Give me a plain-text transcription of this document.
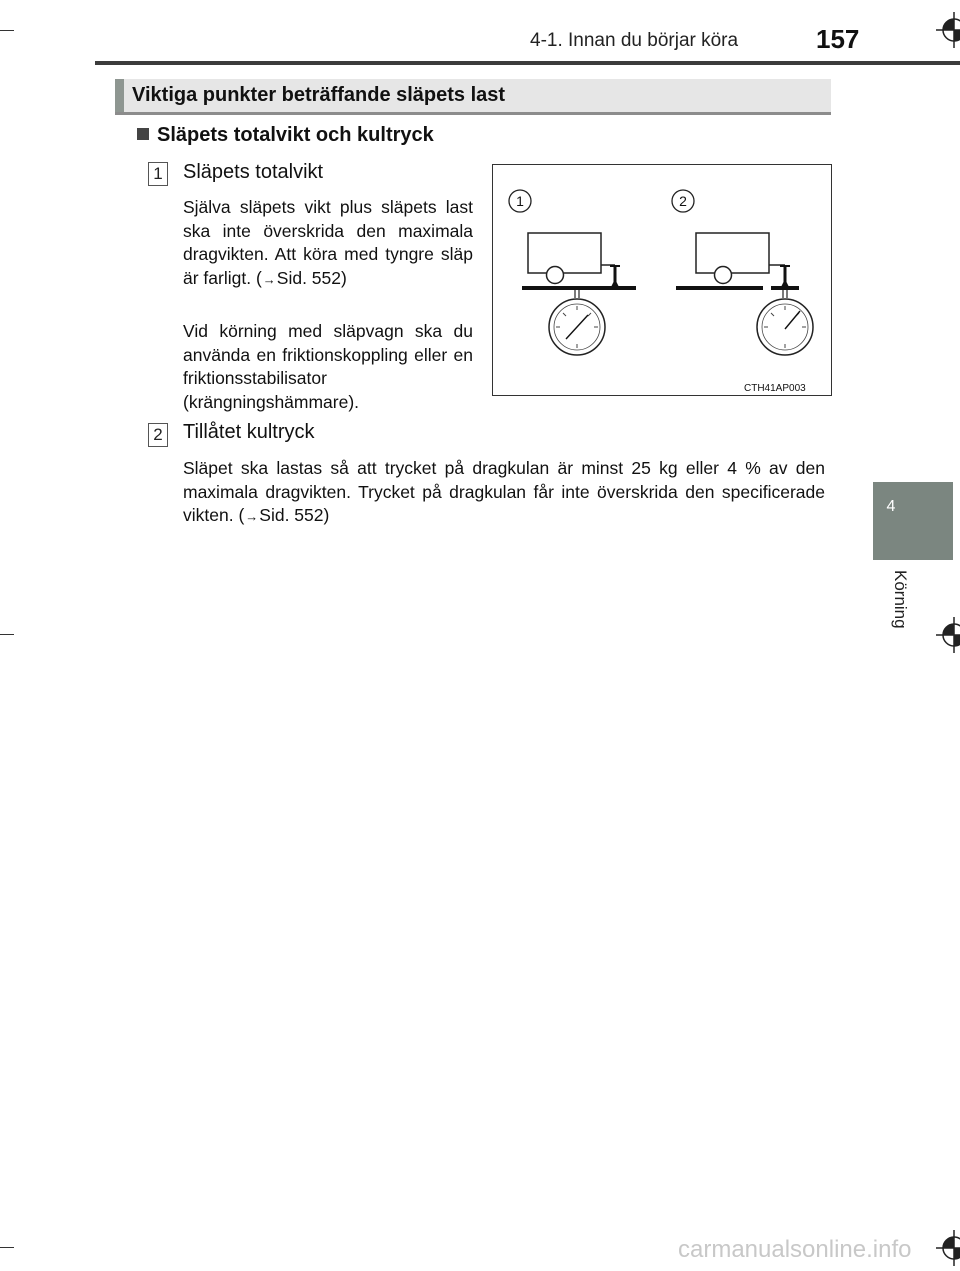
4-1. Innan du börjar köra	157
4
Körning
Viktiga punkter beträffande släpets last
Släpets totalvikt och kultryck
1 Släpets totalvikt
Själva släpets vikt plus släpets last ska inte överskrida den maximala dragvikten. Att köra med tyngre släp är farligt. (→Sid. 552)
Vid körning med släpvagn ska du använda en friktionskoppling eller en friktionsstabilisator (krängningshämmare).
1	2
CTH41AP003
2 Tillåtet kultryck
Släpet ska lastas så att trycket på dragkulan är minst 25 kg eller 4 % av den maximala dragvikten. Trycket på dragkulan får inte överskrida den specificerade vikten. (→Sid. 552)
carmanualsonline.info
